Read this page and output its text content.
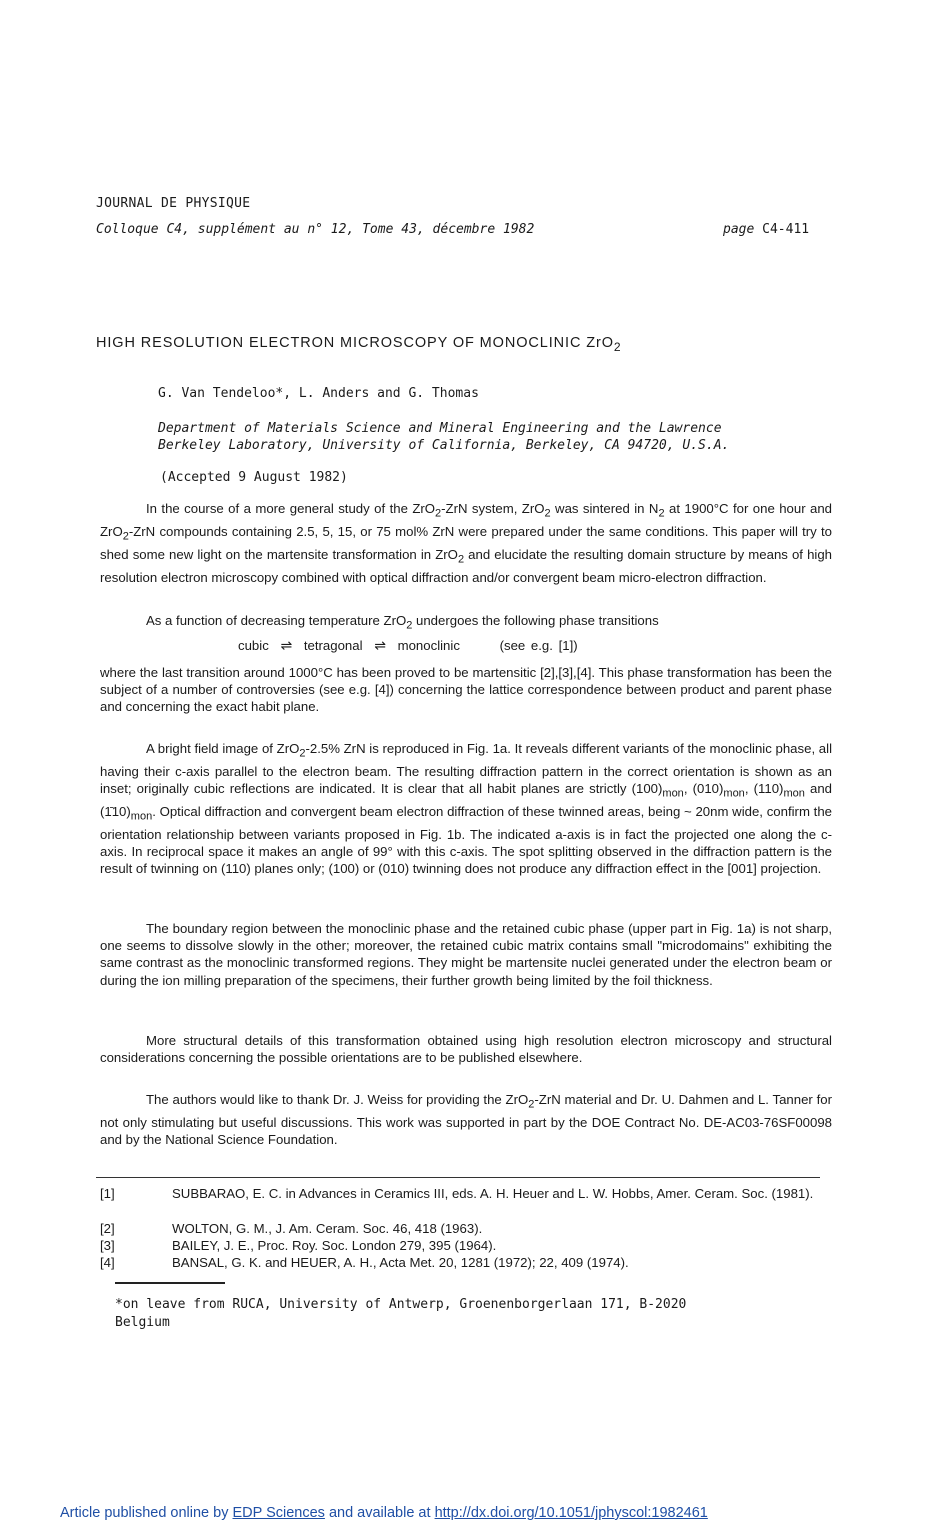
JOURNAL DE PHYSIQUE
Colloque C4, supplément au n° 12, Tome 43, décembre 1982	page C4-411
HIGH RESOLUTION ELECTRON MICROSCOPY OF MONOCLINIC ZrO$_2$
G. Van Tendeloo*, L. Anders and G. Thomas
Department of Materials Science and Mineral Engineering and the Lawrence
Berkeley Laboratory, University of California, Berkeley, CA 94720, U.S.A.
(Accepted 9 August 1982)
In the course of a more general study of the ZrO$_2$-ZrN system, ZrO$_2$ was sintered in $N_2$ at 1900°C for one hour and ZrO$_2$-ZrN compounds containing 2.5, 5, 15, or 75 mol% ZrN were prepared under the same conditions. This paper will try to shed some new light on the martensite transformation in ZrO$_2$ and elucidate the resulting domain structure by means of high resolution electron microscopy combined with optical diffraction and/or convergent beam micro-electron diffraction.
As a function of decreasing temperature ZrO$_2$ undergoes the following phase transitions
cubic ⇌ tetragonal ⇌ monoclinic	(see e.g. [1])
where the last transition around 1000°C has been proved to be martensitic [2],[3],[4]. This phase transformation has been the subject of a number of controversies (see e.g. [4]) concerning the lattice correspondence between product and parent phase and concerning the exact habit plane.
A bright field image of ZrO$_2$-2.5% ZrN is reproduced in Fig. 1a. It reveals different variants of the monoclinic phase, all having their c-axis parallel to the electron beam. The resulting diffraction pattern in the correct orientation is shown as an inset; originally cubic reflections are indicated. It is clear that all habit planes are strictly $(100)_{mon}$, $(010)_{mon}$, $(110)_{mon}$ and $(1̄10)_{mon}$. Optical diffraction and convergent beam electron diffraction of these twinned areas, being ~ 20nm wide, confirm the orientation relationship between variants proposed in Fig. 1b. The indicated a-axis is in fact the projected one along the c-axis. In reciprocal space it makes an angle of 99° with this c-axis. The spot splitting observed in the diffraction pattern is the result of twinning on (110) planes only; (100) or (010) twinning does not produce any diffraction effect in the [001] projection.
The boundary region between the monoclinic phase and the retained cubic phase (upper part in Fig. 1a) is not sharp, one seems to dissolve slowly in the other; moreover, the retained cubic matrix contains small "microdomains" exhibiting the same contrast as the monoclinic transformed regions. They might be martensite nuclei generated under the electron beam or during the ion milling preparation of the specimens, their further growth being limited by the foil thickness.
More structural details of this transformation obtained using high resolution electron microscopy and structural considerations concerning the possible orientations are to be published elsewhere.
The authors would like to thank Dr. J. Weiss for providing the ZrO$_2$-ZrN material and Dr. U. Dahmen and L. Tanner for not only stimulating but useful discussions. This work was supported in part by the DOE Contract No. DE-AC03-76SF00098 and by the National Science Foundation.
[1]	SUBBARAO, E. C. in Advances in Ceramics III, eds. A. H. Heuer and L. W. Hobbs, Amer. Ceram. Soc. (1981).
[2]	WOLTON, G. M., J. Am. Ceram. Soc. 46, 418 (1963).
[3]	BAILEY, J. E., Proc. Roy. Soc. London 279, 395 (1964).
[4]	BANSAL, G. K. and HEUER, A. H., Acta Met. 20, 1281 (1972); 22, 409 (1974).
*on leave from RUCA, University of Antwerp, Groenenborgerlaan 171, B-2020
Belgium
Article published online by EDP Sciences and available at http://dx.doi.org/10.1051/jphyscol:1982461
